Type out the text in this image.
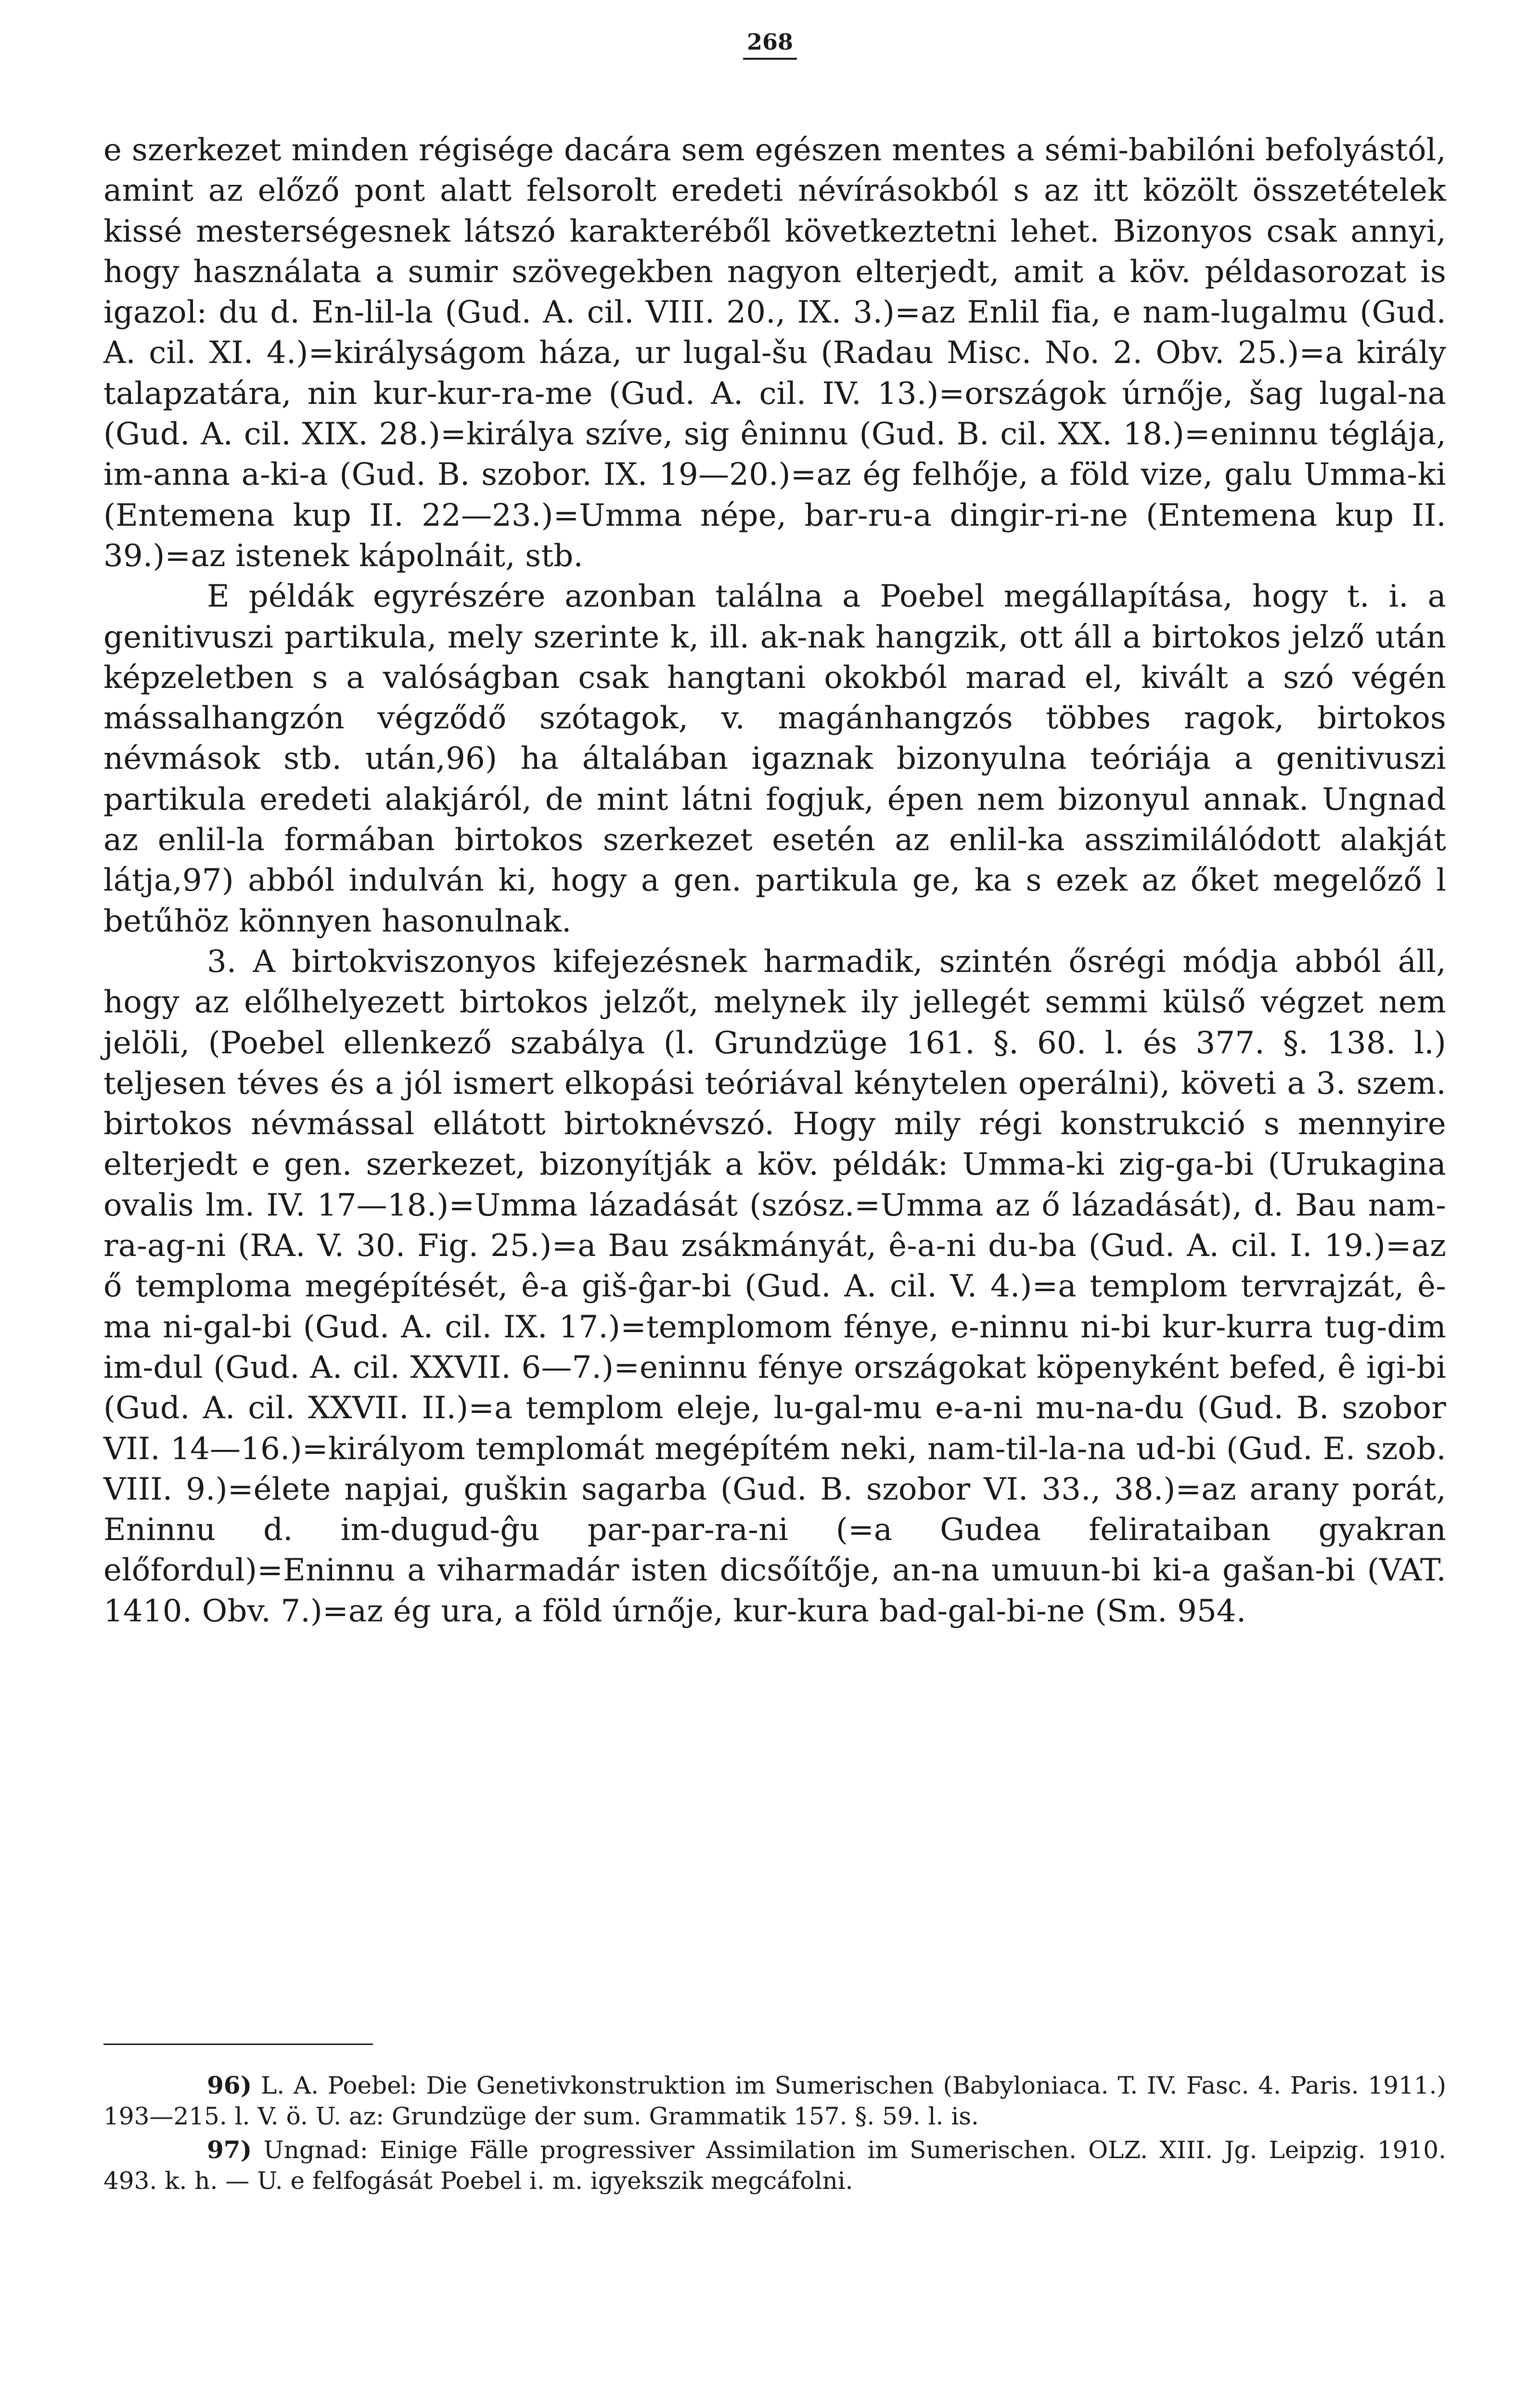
268

e szerkezet minden régisége dacára sem egészen mentes a sémi-babilóni befolyástól, amint az előző pont alatt felsorolt eredeti névírásokból s az itt közölt összetételek kissé mesterségesnek látszó karakteréből következtetni lehet. Bizonyos csak annyi, hogy használata a sumir szövegekben nagyon elterjedt, amit a köv. példasorozat is igazol: du d. En-lil-la (Gud. A. cil. VIII. 20., IX. 3.)=az Enlil fia, e nam-lugalmu (Gud. A. cil. XI. 4.)=királyságom háza, ur lugal-šu (Radau Misc. No. 2. Obv. 25.)=a király talapzatára, nin kur-kur-ra-me (Gud. A. cil. IV. 13.)=országok úrnője, šag lugal-na (Gud. A. cil. XIX. 28.)=királya szíve, sig êninnu (Gud. B. cil. XX. 18.)=eninnu téglája, im-anna a-ki-a (Gud. B. szobor. IX. 19—20.)=az ég felhője, a föld vize, galu Umma-ki (Entemena kup II. 22—23.)=Umma népe, bar-ru-a dingir-ri-ne (Entemena kup II. 39.)=az istenek kápolnáit, stb.

E példák egyrészére azonban találna a Poebel megállapítása, hogy t. i. a genitivuszi partikula, mely szerinte k, ill. ak-nak hangzik, ott áll a birtokos jelző után képzeletben s a valóságban csak hangtani okokból marad el, kivált a szó végén mássalhangzón végződő szótagok, v. magánhangzós többes ragok, birtokos névmások stb. után,96) ha általában igaznak bizonyulna teóriája a genitivuszi partikula eredeti alakjáról, de mint látni fogjuk, épen nem bizonyul annak. Ungnad az enlil-la formában birtokos szerkezet esetén az enlil-ka asszimilálódott alakját látja,97) abból indulván ki, hogy a gen. partikula ge, ka s ezek az őket megelőző l betűhöz könnyen hasonulnak.

3. A birtokviszonyos kifejezésnek harmadik, szintén ősrégi módja abból áll, hogy az előlhelyezett birtokos jelzőt, melynek ily jellegét semmi külső végzet nem jelöli, (Poebel ellenkező szabálya (l. Grundzüge 161. §. 60. l. és 377. §. 138. l.) teljesen téves és a jól ismert elkopási teóriával kénytelen operálni), követi a 3. szem. birtokos névmással ellátott birtoknévszó. Hogy mily régi konstrukció s mennyire elterjedt e gen. szerkezet, bizonyítják a köv. példák: Umma-ki zig-ga-bi (Urukagina ovalis lm. IV. 17—18.)=Umma lázadását (szósz.=Umma az ő lázadását), d. Bau nam-ra-ag-ni (RA. V. 30. Fig. 25.)=a Bau zsákmányát, ê-a-ni du-ba (Gud. A. cil. I. 19.)=az ő temploma megépítését, ê-a giš-ĝar-bi (Gud. A. cil. V. 4.)=a templom tervrajzát, ê-ma ni-gal-bi (Gud. A. cil. IX. 17.)=templomom fénye, e-ninnu ni-bi kur-kurra tug-dim im-dul (Gud. A. cil. XXVII. 6—7.)=eninnu fénye országokat köpenyként befed, ê igi-bi (Gud. A. cil. XXVII. II.)=a templom eleje, lu-gal-mu e-a-ni mu-na-du (Gud. B. szobor VII. 14—16.)=királyom templomát megépítém neki, nam-til-la-na ud-bi (Gud. E. szob. VIII. 9.)=élete napjai, guškin sagarba (Gud. B. szobor VI. 33., 38.)=az arany porát, Eninnu d. im-dugud-ĝu par-par-ra-ni (=a Gudea felirataiban gyakran előfordul)=Eninnu a viharmadár isten dicsőítője, an-na umuun-bi ki-a gašan-bi (VAT. 1410. Obv. 7.)=az ég ura, a föld úrnője, kur-kura bad-gal-bi-ne (Sm. 954.

96) L. A. Poebel: Die Genetivkonstruktion im Sumerischen (Babyloniaca. T. IV. Fasc. 4. Paris. 1911.) 193—215. l. V. ö. U. az: Grundzüge der sum. Grammatik 157. §. 59. l. is.

97) Ungnad: Einige Fälle progressiver Assimilation im Sumerischen. OLZ. XIII. Jg. Leipzig. 1910. 493. k. h. — U. e felfogását Poebel i. m. igyekszik megcáfolni.
